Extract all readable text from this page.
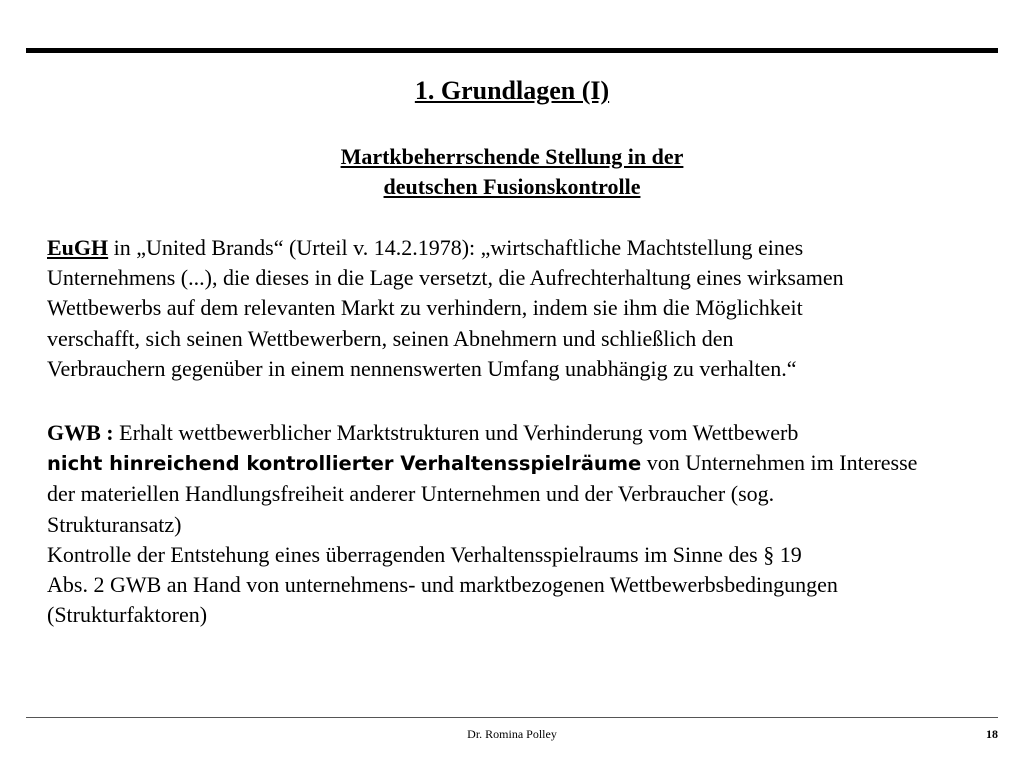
1. Grundlagen (I)
Martkbeherrschende Stellung in der
deutschen Fusionskontrolle
EuGH in „United Brands“ (Urteil v. 14.2.1978): „wirtschaftliche Machtstellung eines
Unternehmens (...), die dieses in die Lage versetzt, die Aufrechterhaltung eines wirksamen
Wettbewerbs auf dem relevanten Markt zu verhindern, indem sie ihm die Möglichkeit
verschafft, sich seinen Wettbewerbern, seinen Abnehmern und schließlich den
Verbrauchern gegenüber in einem nennenswerten Umfang unabhängig zu verhalten.“
GWB : Erhalt wettbewerblicher Marktstrukturen und Verhinderung vom Wettbewerb
nicht hinreichend kontrollierter Verhaltensspielräume von Unternehmen im Interesse
der materiellen Handlungsfreiheit anderer Unternehmen und der Verbraucher (sog.
Strukturansatz)
Kontrolle der Entstehung eines überragenden Verhaltensspielraums im Sinne des § 19
Abs. 2 GWB an Hand von unternehmens- und marktbezogenen Wettbewerbsbedingungen
(Strukturfaktoren)
Dr. Romina Polley	18
